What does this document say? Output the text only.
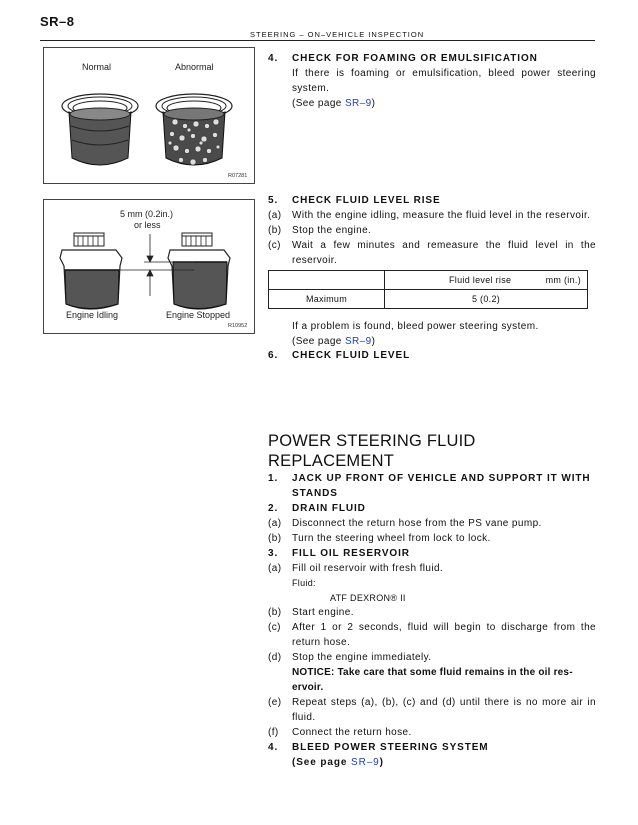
SR–8
STEERING – ON–VEHICLE INSPECTION
Normal	Abnormal
R07281
5 mm (0.2in.)
or less
Engine Idling	Engine Stopped
R10952
4. CHECK FOR FOAMING OR EMULSIFICATION
If there is foaming or emulsification, bleed power steering system.
(See page SR–9)
5. CHECK FLUID LEVEL RISE
(a) With the engine idling, measure the fluid level in the reservoir.
(b) Stop the engine.
(c) Wait a few minutes and remeasure the fluid level in the reservoir.
	Fluid level rise mm (in.)

Maximum	5 (0.2)
If a problem is found, bleed power steering system.
(See page SR–9)
6. CHECK FLUID LEVEL
POWER STEERING FLUID
REPLACEMENT
1. JACK UP FRONT OF VEHICLE AND SUPPORT IT WITH
STANDS
2. DRAIN FLUID
(a) Disconnect the return hose from the PS vane pump.
(b) Turn the steering wheel from lock to lock.
3. FILL OIL RESERVOIR
(a) Fill oil reservoir with fresh fluid.
Fluid:
ATF DEXRON® II
(b) Start engine.
(c) After 1 or 2 seconds, fluid will begin to discharge from the return hose.
(d) Stop the engine immediately.
NOTICE: Take care that some fluid remains in the oil res-
ervoir.
(e) Repeat steps (a), (b), (c) and (d) until there is no more air in fluid.
(f) Connect the return hose.
4. BLEED POWER STEERING SYSTEM
(See page SR–9)
